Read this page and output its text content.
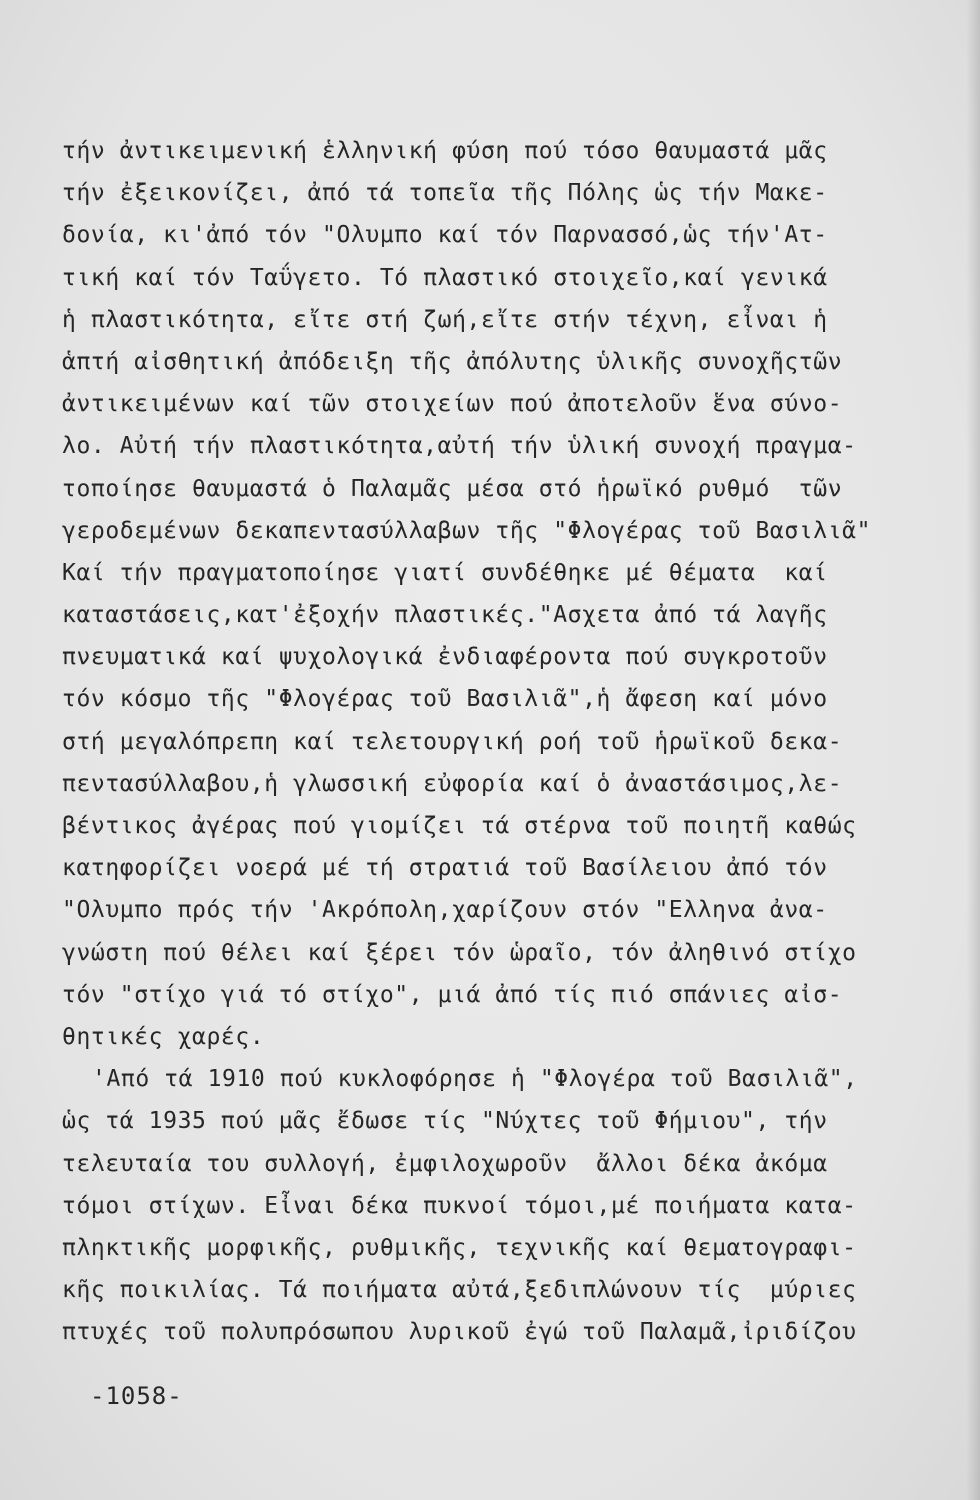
τήν ἀντικειμενική ἑλληνική φύση πού τόσο θαυμαστά μᾶς
τήν ἐξεικονίζει, ἀπό τά τοπεῖα τῆς Πόλης ὡς τήν Μακε-
δονία, κι'ἀπό τόν "Ολυμπο καί τόν Παρνασσό,ὡς τήν'Ατ-
τική καί τόν Ταΰγετο. Τό πλαστικό στοιχεῖο,καί γενικά
ἡ πλαστικότητα, εἴτε στή ζωή,εἴτε στήν τέχνη, εἶναι ἡ
ἁπτή αἰσθητική ἀπόδειξη τῆς ἀπόλυτης ὑλικῆς συνοχῆςτῶν
ἀντικειμένων καί τῶν στοιχείων πού ἀποτελοῦν ἕνα σύνο-
λο. Αὐτή τήν πλαστικότητα,αὐτή τήν ὑλική συνοχή πραγμα-
τοποίησε θαυμαστά ὁ Παλαμᾶς μέσα στό ἡρωϊκό ρυθμό  τῶν
γεροδεμένων δεκαπεντασύλλαβων τῆς "Φλογέρας τοῦ Βασιλιᾶ"
Καί τήν πραγματοποίησε γιατί συνδέθηκε μέ θέματα  καί
καταστάσεις,κατ'ἐξοχήν πλαστικές."Ασχετα ἀπό τά λαγῆς
πνευματικά καί ψυχολογικά ἐνδιαφέροντα πού συγκροτοῦν
τόν κόσμο τῆς "Φλογέρας τοῦ Βασιλιᾶ",ἡ ἄφεση καί μόνο
στή μεγαλόπρεπη καί τελετουργική ροή τοῦ ἡρωϊκοῦ δεκα-
πεντασύλλαβου,ἡ γλωσσική εὐφορία καί ὁ ἀναστάσιμος,λε-
βέντικος ἀγέρας πού γιομίζει τά στέρνα τοῦ ποιητῆ καθώς
κατηφορίζει νοερά μέ τή στρατιά τοῦ Βασίλειου ἀπό τόν
"Ολυμπο πρός τήν 'Ακρόπολη,χαρίζουν στόν "Ελληνα ἀνα-
γνώστη πού θέλει καί ξέρει τόν ὡραῖο, τόν ἀληθινό στίχο
τόν "στίχο γιά τό στίχο", μιά ἀπό τίς πιό σπάνιες αἰσ-
θητικές χαρές.
'Από τά 1910 πού κυκλοφόρησε ἡ "Φλογέρα τοῦ Βασιλιᾶ",
ὡς τά 1935 πού μᾶς ἔδωσε τίς "Νύχτες τοῦ Φήμιου", τήν
τελευταία του συλλογή, ἐμφιλοχωροῦν  ἄλλοι δέκα ἀκόμα
τόμοι στίχων. Εἶναι δέκα πυκνοί τόμοι,μέ ποιήματα κατα-
πληκτικῆς μορφικῆς, ρυθμικῆς, τεχνικῆς καί θεματογραφι-
κῆς ποικιλίας. Τά ποιήματα αὐτά,ξεδιπλώνουν τίς  μύριες
πτυχές τοῦ πολυπρόσωπου λυρικοῦ ἐγώ τοῦ Παλαμᾶ,ἰριδίζου
-1058-
